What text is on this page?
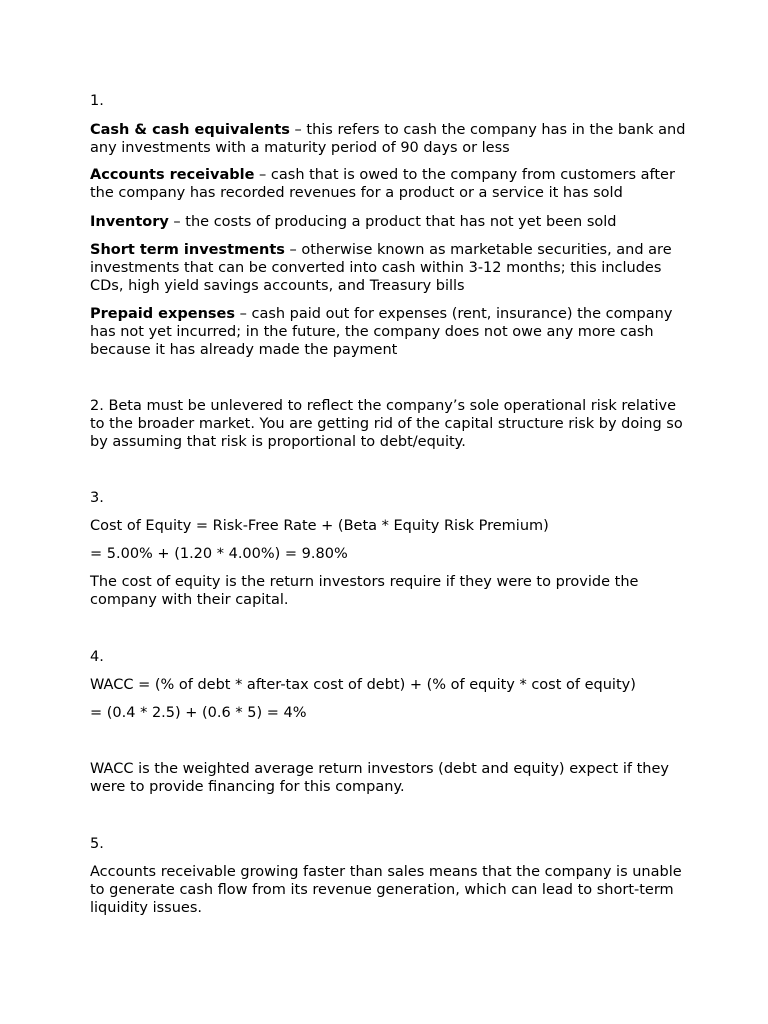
1.

Cash & cash equivalents – this refers to cash the company has in the bank and any investments with a maturity period of 90 days or less

Accounts receivable – cash that is owed to the company from customers after the company has recorded revenues for a product or a service it has sold

Inventory – the costs of producing a product that has not yet been sold

Short term investments – otherwise known as marketable securities, and are investments that can be converted into cash within 3-12 months; this includes CDs, high yield savings accounts, and Treasury bills

Prepaid expenses – cash paid out for expenses (rent, insurance) the company has not yet incurred; in the future, the company does not owe any more cash because it has already made the payment

2. Beta must be unlevered to reflect the company’s sole operational risk relative to the broader market. You are getting rid of the capital structure risk by doing so by assuming that risk is proportional to debt/equity.

3.

Cost of Equity = Risk-Free Rate + (Beta * Equity Risk Premium)

= 5.00% + (1.20 * 4.00%) = 9.80%

The cost of equity is the return investors require if they were to provide the company with their capital.

4.

WACC = (% of debt * after-tax cost of debt) + (% of equity * cost of equity)

= (0.4 * 2.5) + (0.6 * 5) = 4%

WACC is the weighted average return investors (debt and equity) expect if they were to provide financing for this company.

5.

Accounts receivable growing faster than sales means that the company is unable to generate cash flow from its revenue generation, which can lead to short-term liquidity issues.
